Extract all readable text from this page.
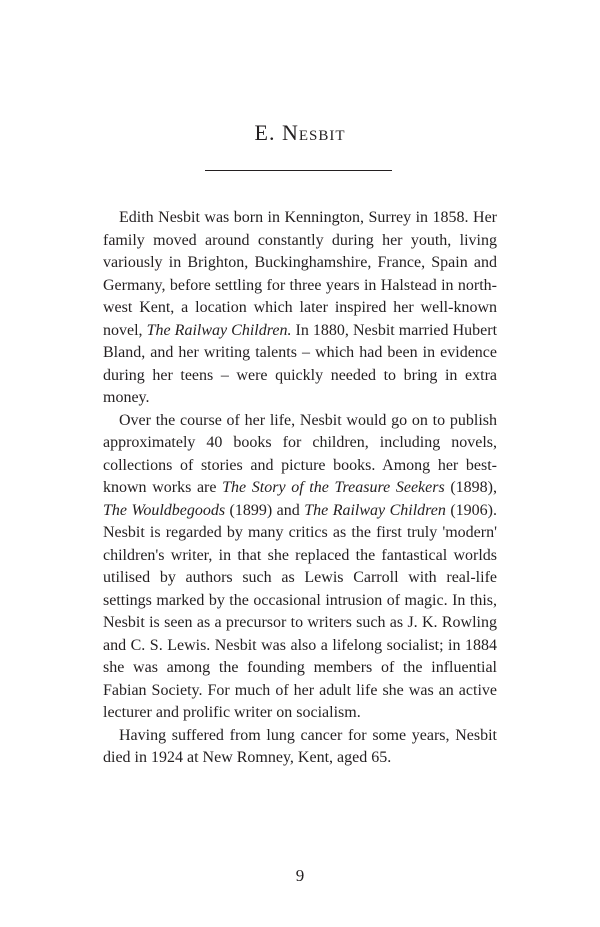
E. Nesbit

Edith Nesbit was born in Kennington, Surrey in 1858. Her family moved around constantly during her youth, living variously in Brighton, Buckinghamshire, France, Spain and Germany, before settling for three years in Halstead in north-west Kent, a location which later inspired her well-known novel, The Railway Children. In 1880, Nesbit married Hubert Bland, and her writing talents – which had been in evidence during her teens – were quickly needed to bring in extra money.

Over the course of her life, Nesbit would go on to publish approximately 40 books for children, including novels, collections of stories and picture books. Among her best-known works are The Story of the Treasure Seekers (1898), The Wouldbegoods (1899) and The Railway Children (1906). Nesbit is regarded by many critics as the first truly 'modern' children's writer, in that she replaced the fantastical worlds utilised by authors such as Lewis Carroll with real-life settings marked by the occasional intrusion of magic. In this, Nesbit is seen as a precursor to writers such as J. K. Rowling and C. S. Lewis. Nesbit was also a lifelong socialist; in 1884 she was among the founding members of the influential Fabian Society. For much of her adult life she was an active lecturer and prolific writer on socialism.

Having suffered from lung cancer for some years, Nesbit died in 1924 at New Romney, Kent, aged 65.

9
